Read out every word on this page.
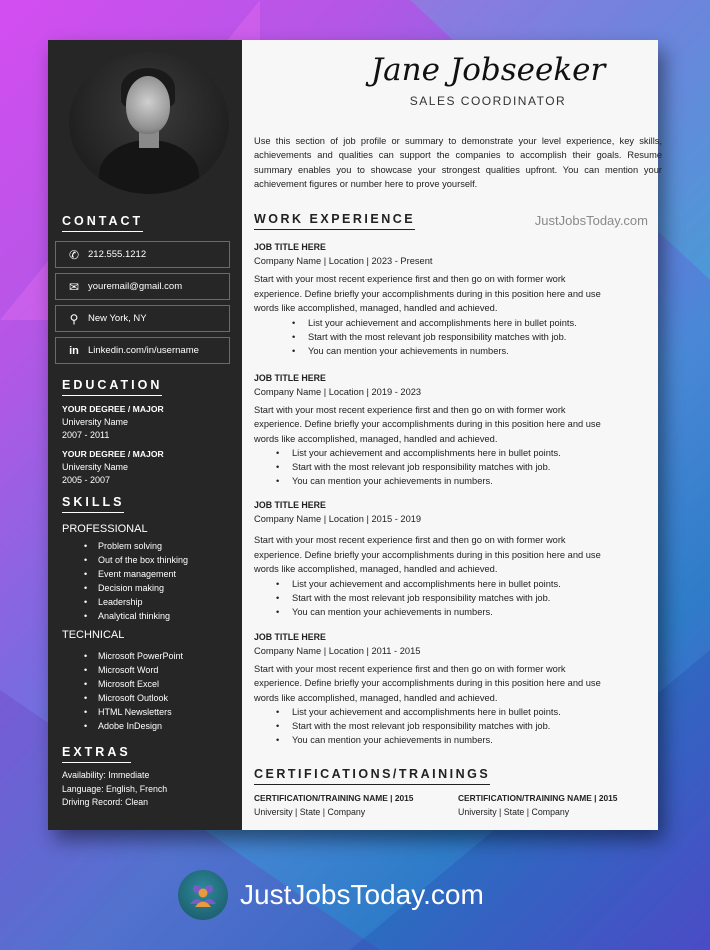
CONTACT
✆ 212.555.1212
✉ youremail@gmail.com
⚲	New York, NY
in Linkedin.com/in/username
EDUCATION
YOUR DEGREE / MAJOR
University Name
2007 - 2011
YOUR DEGREE / MAJOR
University Name
2005 - 2007
SKILLS
PROFESSIONAL
• Problem solving
• Out of the box thinking
• Event management
• Decision making
• Leadership
• Analytical thinking
TECHNICAL
• Microsoft PowerPoint
• Microsoft Word
• Microsoft Excel
• Microsoft Outlook
• HTML Newsletters
• Adobe InDesign
EXTRAS
Availability: Immediate
Language: English, French
Driving Record: Clean
Jane Jobseeker
SALES COORDINATOR

Use this section of job profile or summary to demonstrate your level experience, key skills, achievements and qualities can support the companies to accomplish their goals. Resume summary enables you to showcase your strongest qualities upfront. You can mention your achievement figures or number here to prove yourself.

WORK EXPERIENCE	JustJobsToday.com
JOB TITLE HERE
Company Name | Location | 2023 - Present
Start with your most recent experience first and then go on with former work experience. Define briefly your accomplishments during in this position here and use words like accomplished, managed, handled and achieved.
• List your achievement and accomplishments here in bullet points.
• Start with the most relevant job responsibility matches with job.
• You can mention your achievements in numbers.
JOB TITLE HERE
Company Name | Location | 2019 - 2023
Start with your most recent experience first and then go on with former work experience. Define briefly your accomplishments during in this position here and use words like accomplished, managed, handled and achieved.
• List your achievement and accomplishments here in bullet points.
• Start with the most relevant job responsibility matches with job.
• You can mention your achievements in numbers.
JOB TITLE HERE
Company Name | Location | 2015 - 2019
Start with your most recent experience first and then go on with former work experience. Define briefly your accomplishments during in this position here and use words like accomplished, managed, handled and achieved.
• List your achievement and accomplishments here in bullet points.
• Start with the most relevant job responsibility matches with job.
• You can mention your achievements in numbers.
JOB TITLE HERE
Company Name | Location | 2011 - 2015
Start with your most recent experience first and then go on with former work experience. Define briefly your accomplishments during in this position here and use words like accomplished, managed, handled and achieved.
• List your achievement and accomplishments here in bullet points.
• Start with the most relevant job responsibility matches with job.
• You can mention your achievements in numbers.
CERTIFICATIONS/TRAININGS
CERTIFICATION/TRAINING NAME | 2015
University | State | Company
CERTIFICATION/TRAINING NAME | 2015
University | State | Company
JustJobsToday.com
